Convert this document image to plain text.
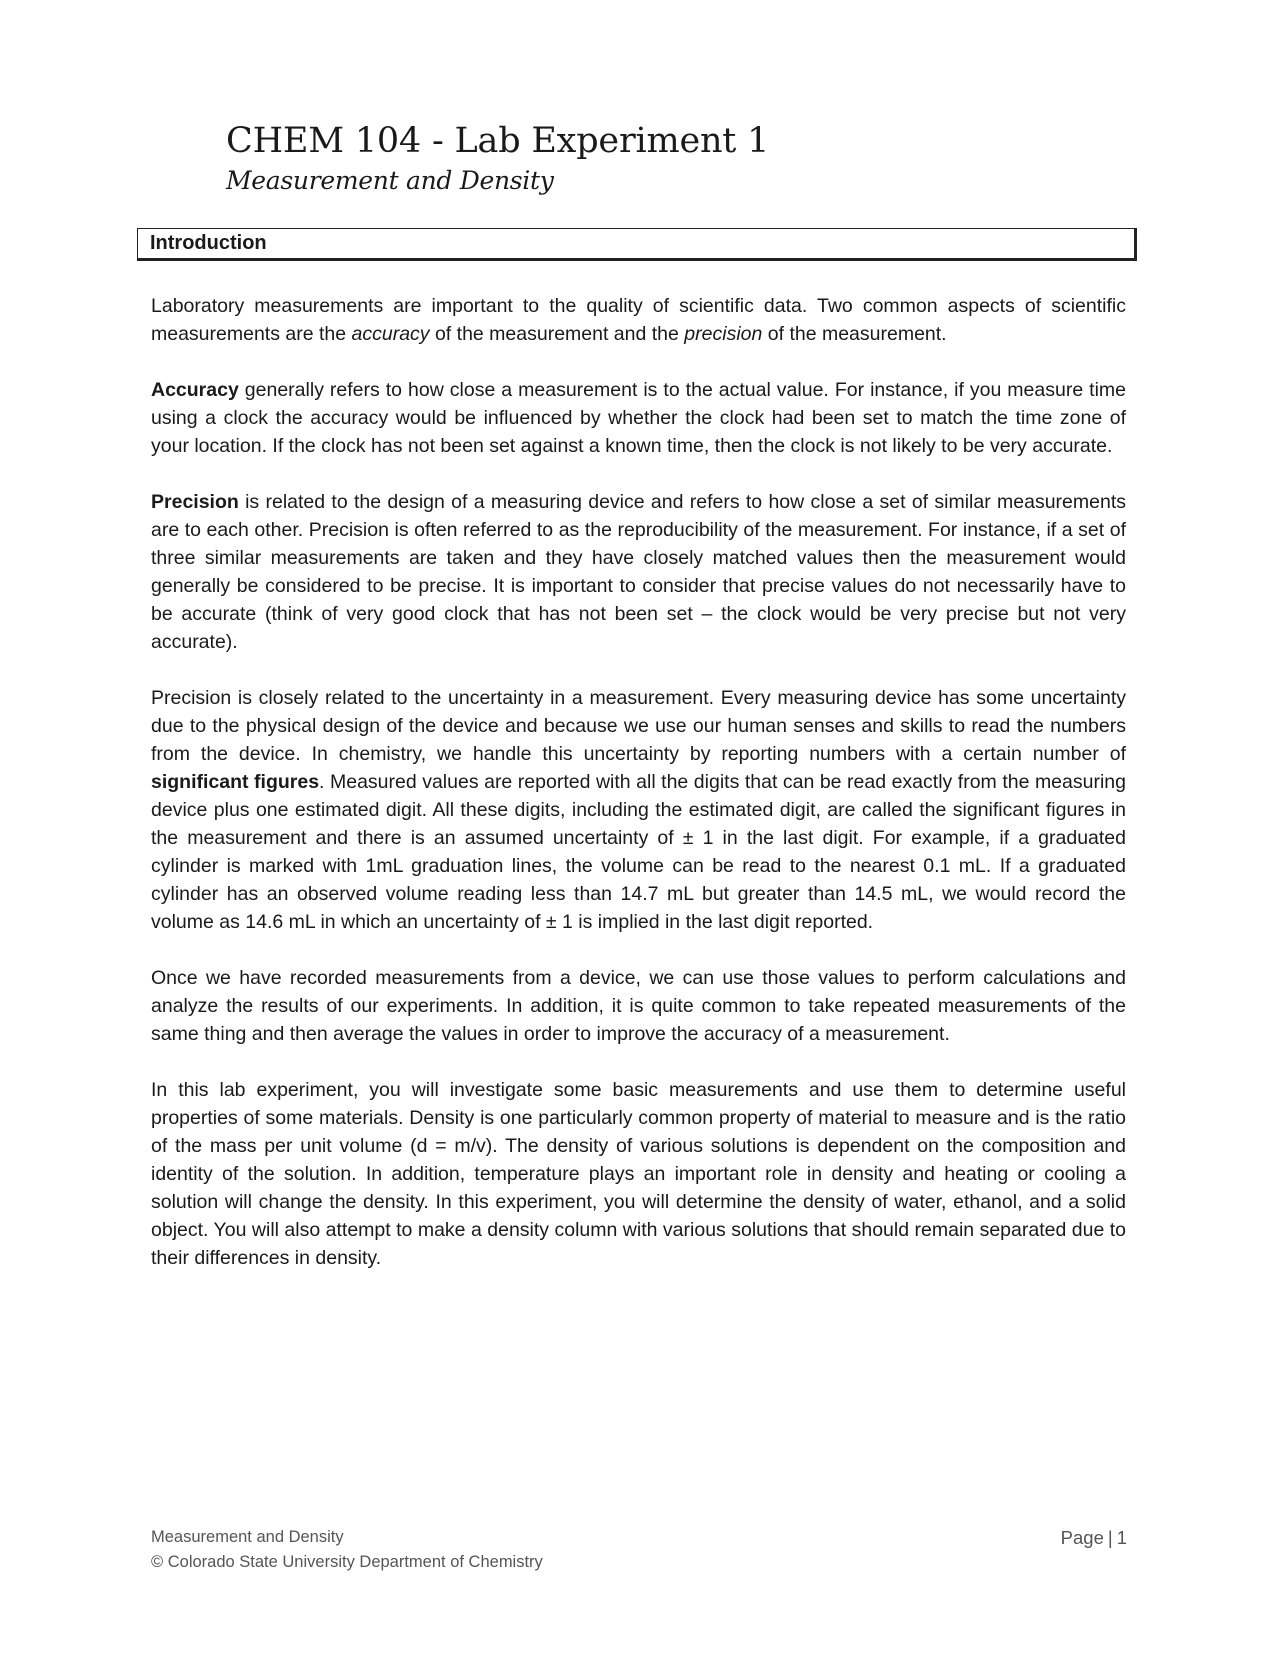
CHEM 104 - Lab Experiment 1

Measurement and Density

Introduction

Laboratory measurements are important to the quality of scientific data. Two common aspects of scientific measurements are the accuracy of the measurement and the precision of the measurement.

Accuracy generally refers to how close a measurement is to the actual value. For instance, if you measure time using a clock the accuracy would be influenced by whether the clock had been set to match the time zone of your location. If the clock has not been set against a known time, then the clock is not likely to be very accurate.

Precision is related to the design of a measuring device and refers to how close a set of similar measurements are to each other. Precision is often referred to as the reproducibility of the measurement. For instance, if a set of three similar measurements are taken and they have closely matched values then the measurement would generally be considered to be precise. It is important to consider that precise values do not necessarily have to be accurate (think of very good clock that has not been set – the clock would be very precise but not very accurate).

Precision is closely related to the uncertainty in a measurement. Every measuring device has some uncertainty due to the physical design of the device and because we use our human senses and skills to read the numbers from the device. In chemistry, we handle this uncertainty by reporting numbers with a certain number of significant figures. Measured values are reported with all the digits that can be read exactly from the measuring device plus one estimated digit. All these digits, including the estimated digit, are called the significant figures in the measurement and there is an assumed uncertainty of ± 1 in the last digit. For example, if a graduated cylinder is marked with 1mL graduation lines, the volume can be read to the nearest 0.1 mL. If a graduated cylinder has an observed volume reading less than 14.7 mL but greater than 14.5 mL, we would record the volume as 14.6 mL in which an uncertainty of ± 1 is implied in the last digit reported.

Once we have recorded measurements from a device, we can use those values to perform calculations and analyze the results of our experiments. In addition, it is quite common to take repeated measurements of the same thing and then average the values in order to improve the accuracy of a measurement.

In this lab experiment, you will investigate some basic measurements and use them to determine useful properties of some materials. Density is one particularly common property of material to measure and is the ratio of the mass per unit volume (d = m/v). The density of various solutions is dependent on the composition and identity of the solution. In addition, temperature plays an important role in density and heating or cooling a solution will change the density. In this experiment, you will determine the density of water, ethanol, and a solid object. You will also attempt to make a density column with various solutions that should remain separated due to their differences in density.

Measurement and Density
© Colorado State University Department of Chemistry
Page | 1
